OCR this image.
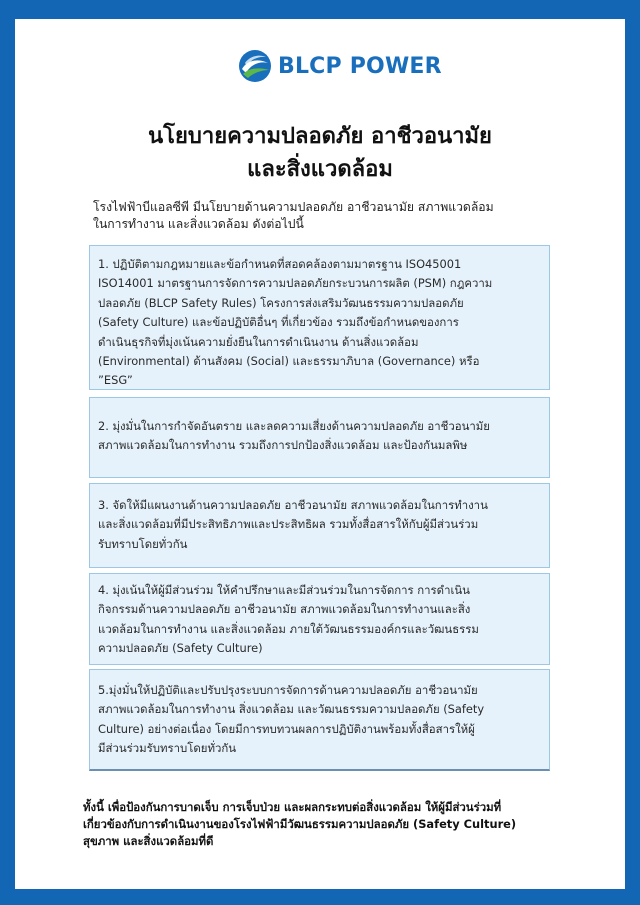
BLCP POWER
นโยบายความปลอดภัย อาชีวอนามัย
และสิ่งแวดล้อม
โรงไฟฟ้าบีแอลซีพี มีนโยบายด้านความปลอดภัย อาชีวอนามัย สภาพแวดล้อม
ในการทำงาน และสิ่งแวดล้อม ดังต่อไปนี้
1. ปฏิบัติตามกฎหมายและข้อกำหนดที่สอดคล้องตามมาตรฐาน ISO45001
ISO14001 มาตรฐานการจัดการความปลอดภัยกระบวนการผลิต (PSM) กฎความ
ปลอดภัย (BLCP Safety Rules) โครงการส่งเสริมวัฒนธรรมความปลอดภัย
(Safety Culture) และข้อปฏิบัติอื่นๆ ที่เกี่ยวข้อง รวมถึงข้อกำหนดของการ
ดำเนินธุรกิจที่มุ่งเน้นความยั่งยืนในการดำเนินงาน ด้านสิ่งแวดล้อม
(Environmental) ด้านสังคม (Social) และธรรมาภิบาล (Governance) หรือ
”ESG”
2. มุ่งมั่นในการกำจัดอันตราย และลดความเสี่ยงด้านความปลอดภัย อาชีวอนามัย
สภาพแวดล้อมในการทำงาน รวมถึงการปกป้องสิ่งแวดล้อม และป้องกันมลพิษ
3. จัดให้มีแผนงานด้านความปลอดภัย อาชีวอนามัย สภาพแวดล้อมในการทำงาน
และสิ่งแวดล้อมที่มีประสิทธิภาพและประสิทธิผล รวมทั้งสื่อสารให้กับผู้มีส่วนร่วม
รับทราบโดยทั่วกัน
4. มุ่งเน้นให้ผู้มีส่วนร่วม ให้คำปรึกษาและมีส่วนร่วมในการจัดการ การดำเนิน
กิจกรรมด้านความปลอดภัย อาชีวอนามัย สภาพแวดล้อมในการทำงานและสิ่ง
แวดล้อมในการทำงาน และสิ่งแวดล้อม ภายใต้วัฒนธรรมองค์กรและวัฒนธรรม
ความปลอดภัย (Safety Culture)
5.มุ่งมั่นให้ปฏิบัติและปรับปรุงระบบการจัดการด้านความปลอดภัย อาชีวอนามัย
สภาพแวดล้อมในการทำงาน สิ่งแวดล้อม และวัฒนธรรมความปลอดภัย (Safety
Culture) อย่างต่อเนื่อง โดยมีการทบทวนผลการปฏิบัติงานพร้อมทั้งสื่อสารให้ผู้
มีส่วนร่วมรับทราบโดยทั่วกัน
ทั้งนี้ เพื่อป้องกันการบาดเจ็บ การเจ็บป่วย และผลกระทบต่อสิ่งแวดล้อม ให้ผู้มีส่วนร่วมที่
เกี่ยวข้องกับการดำเนินงานของโรงไฟฟ้ามีวัฒนธรรมความปลอดภัย (Safety Culture)
สุขภาพ และสิ่งแวดล้อมที่ดี
